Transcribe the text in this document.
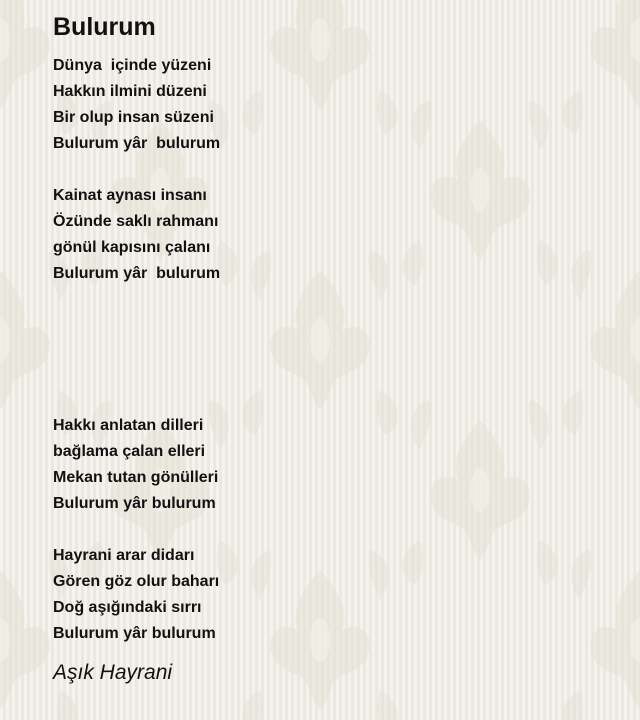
Bulurum
Dünya  içinde yüzeni
Hakkın ilmini düzeni
Bir olup insan süzeni
Bulurum yâr  bulurum
Kainat aynası insanı
Özünde saklı rahmanı
gönül kapısını çalanı
Bulurum yâr  bulurum
Hakkı anlatan dilleri
bağlama çalan elleri
Mekan tutan gönülleri
Bulurum yâr bulurum
Hayrani arar didarı
Gören göz olur baharı
Doğ aşığındaki sırrı
Bulurum yâr bulurum
Aşık Hayrani
